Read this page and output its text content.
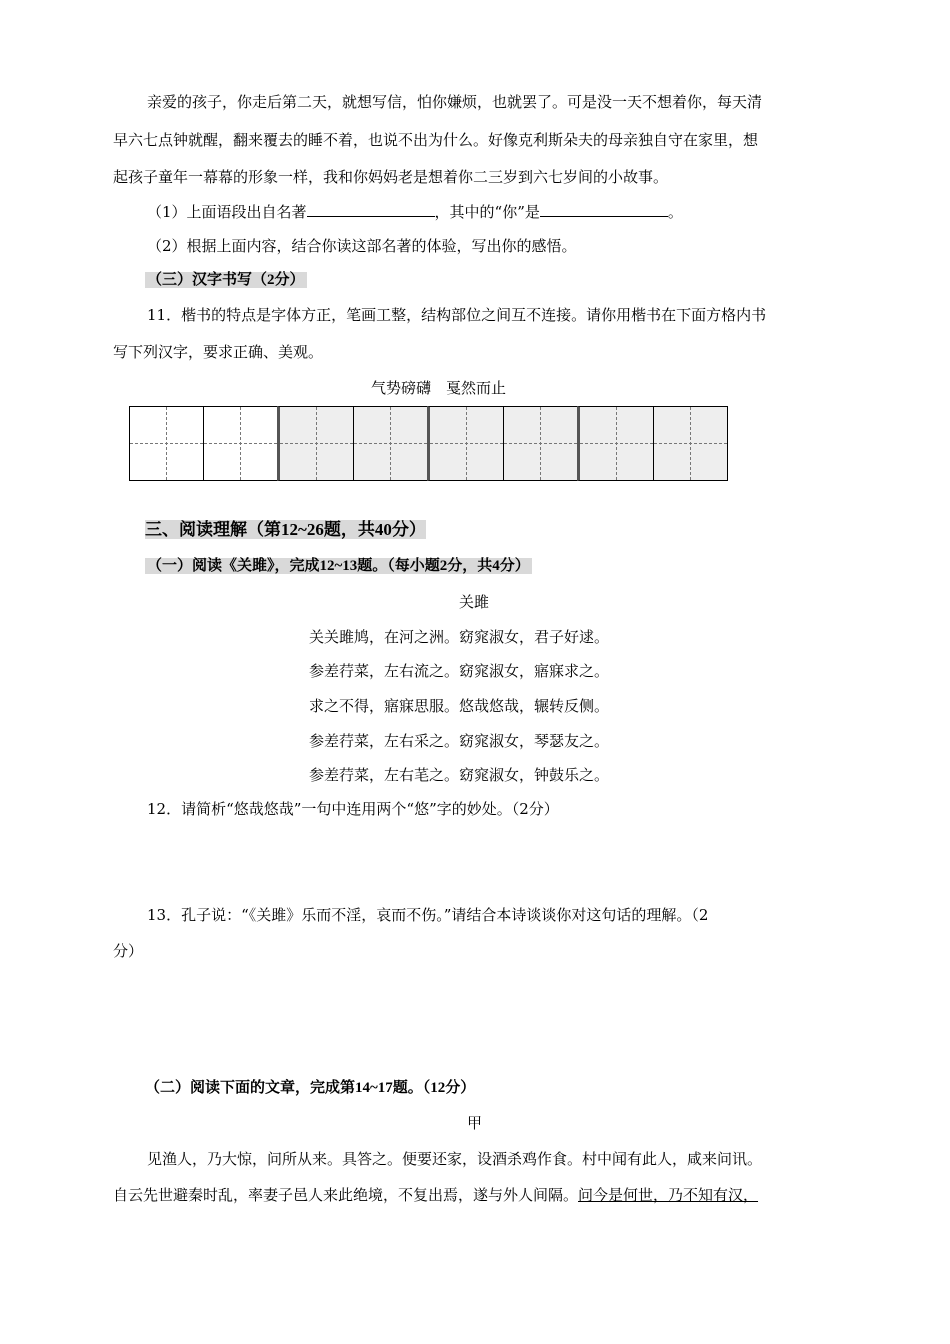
亲爱的孩子，你走后第二天，就想写信，怕你嫌烦，也就罢了。可是没一天不想着你，每天清
早六七点钟就醒，翻来覆去的睡不着，也说不出为什么。好像克利斯朵夫的母亲独自守在家里，想
起孩子童年一幕幕的形象一样，我和你妈妈老是想着你二三岁到六七岁间的小故事。
（1）上面语段出自名著	，其中的“你”是	。
（2）根据上面内容，结合你读这部名著的体验，写出你的感悟。
（三）汉字书写（2分）
11．楷书的特点是字体方正，笔画工整，结构部位之间互不连接。请你用楷书在下面方格内书
写下列汉字，要求正确、美观。
气势磅礴　戛然而止
三、阅读理解（第12~26题，共40分）
（一）阅读《关雎》，完成12~13题。（每小题2分，共4分）
关雎
关关雎鸠，在河之洲。窈窕淑女，君子好逑。
参差荇菜，左右流之。窈窕淑女，寤寐求之。
求之不得，寤寐思服。悠哉悠哉，辗转反侧。
参差荇菜，左右采之。窈窕淑女，琴瑟友之。
参差荇菜，左右芼之。窈窕淑女，钟鼓乐之。
12．请简析“悠哉悠哉”一句中连用两个“悠”字的妙处。（2分）
13．孔子说：“《关雎》乐而不淫，哀而不伤。”请结合本诗谈谈你对这句话的理解。（2
分）
（二）阅读下面的文章，完成第14~17题。（12分）
甲
见渔人，乃大惊，问所从来。具答之。便要还家，设酒杀鸡作食。村中闻有此人，咸来问讯。
自云先世避秦时乱，率妻子邑人来此绝境，不复出焉，遂与外人间隔。问今是何世，乃不知有汉，
